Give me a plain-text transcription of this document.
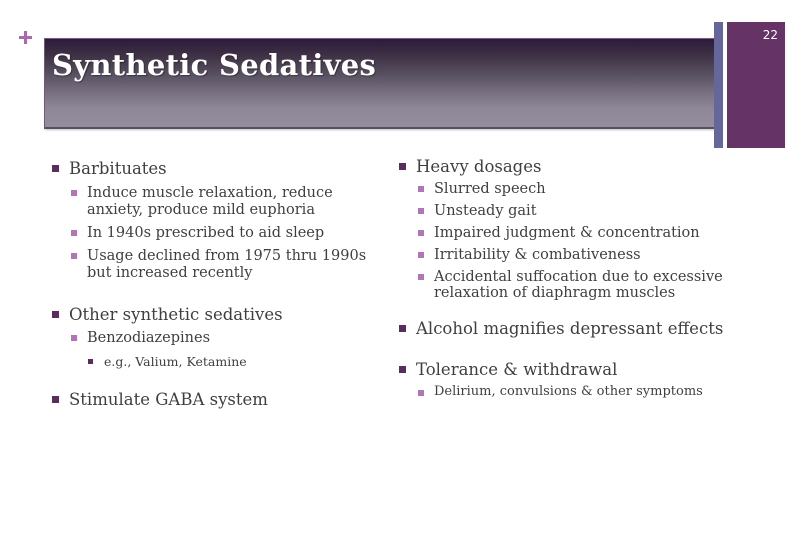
Synthetic Sedatives
22
Barbituates
Induce muscle relaxation, reduce anxiety, produce mild euphoria
In 1940s prescribed to aid sleep
Usage declined from 1975 thru 1990s but increased recently
Other synthetic sedatives
Benzodiazepines
e.g., Valium, Ketamine
Stimulate GABA system
Heavy dosages
Slurred speech
Unsteady gait
Impaired judgment & concentration
Irritability & combativeness
Accidental suffocation due to excessive relaxation of diaphragm muscles
Alcohol magnifies depressant effects
Tolerance & withdrawal
Delirium, convulsions & other symptoms
